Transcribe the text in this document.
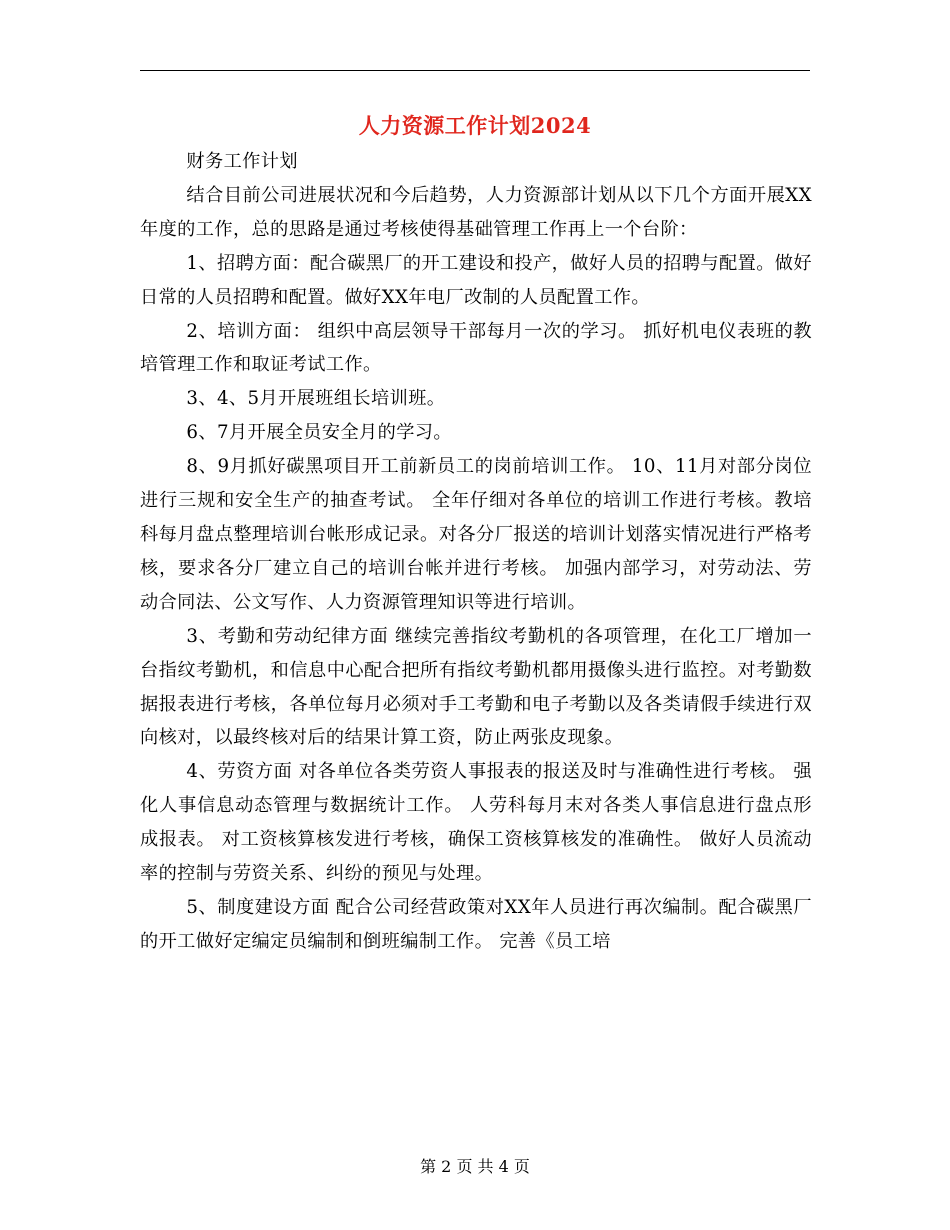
人力资源工作计划2024

财务工作计划

结合目前公司进展状况和今后趋势，人力资源部计划从以下几个方面开展XX年度的工作，总的思路是通过考核使得基础管理工作再上一个台阶：

1、招聘方面：配合碳黑厂的开工建设和投产，做好人员的招聘与配置。做好日常的人员招聘和配置。做好XX年电厂改制的人员配置工作。

2、培训方面： 组织中高层领导干部每月一次的学习。 抓好机电仪表班的教培管理工作和取证考试工作。

3、4、5月开展班组长培训班。

6、7月开展全员安全月的学习。

8、9月抓好碳黑项目开工前新员工的岗前培训工作。 10、11月对部分岗位进行三规和安全生产的抽查考试。 全年仔细对各单位的培训工作进行考核。教培科每月盘点整理培训台帐形成记录。对各分厂报送的培训计划落实情况进行严格考核，要求各分厂建立自己的培训台帐并进行考核。 加强内部学习，对劳动法、劳动合同法、公文写作、人力资源管理知识等进行培训。

3、考勤和劳动纪律方面 继续完善指纹考勤机的各项管理，在化工厂增加一台指纹考勤机，和信息中心配合把所有指纹考勤机都用摄像头进行监控。对考勤数据报表进行考核，各单位每月必须对手工考勤和电子考勤以及各类请假手续进行双向核对，以最终核对后的结果计算工资，防止两张皮现象。

4、劳资方面 对各单位各类劳资人事报表的报送及时与准确性进行考核。 强化人事信息动态管理与数据统计工作。 人劳科每月末对各类人事信息进行盘点形成报表。 对工资核算核发进行考核，确保工资核算核发的准确性。 做好人员流动率的控制与劳资关系、纠纷的预见与处理。

5、制度建设方面 配合公司经营政策对XX年人员进行再次编制。配合碳黑厂的开工做好定编定员编制和倒班编制工作。 完善《员工培

第 2 页 共 4 页
